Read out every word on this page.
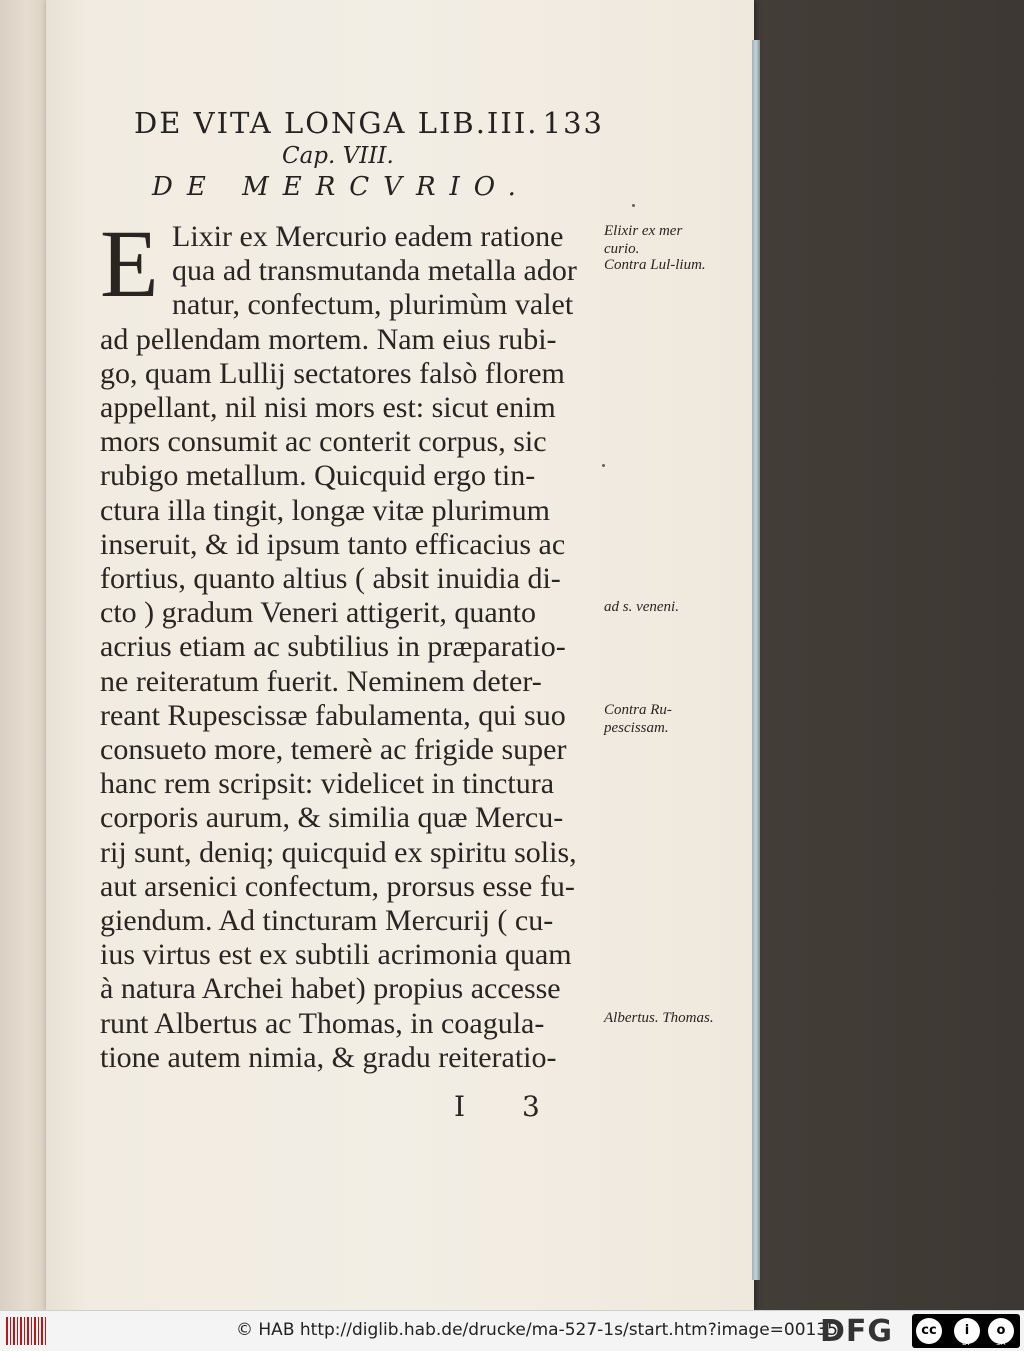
DE VITA LONGA LIB.III. 133
Cap. VIII.
DE MERCVRIO.
E Lixir ex Mercurio eadem ratione
qua ad transmutanda metalla ador
natur, confectum, plurimùm valet
ad pellendam mortem. Nam eius rubi-
go, quam Lullij sectatores falsò florem
appellant, nil nisi mors est: sicut enim
mors consumit ac conterit corpus, sic
rubigo metallum. Quicquid ergo tin-
ctura illa tingit, longæ vitæ plurimum
inseruit, & id ipsum tanto efficacius ac
fortius, quanto altius ( absit inuidia di-
cto ) gradum Veneri attigerit, quanto
acrius etiam ac subtilius in præparatio-
ne reiteratum fuerit. Neminem deter-
reant Rupescissæ fabulamenta, qui suo
consueto more, temerè ac frigide super
hanc rem scripsit: videlicet in tinctura
corporis aurum, & similia quæ Mercu-
rij sunt, deniq; quicquid ex spiritu solis,
aut arsenici confectum, prorsus esse fu-
giendum. Ad tincturam Mercurij ( cu-
ius virtus est ex subtili acrimonia quam
à natura Archei habet) propius accesse
runt Albertus ac Thomas, in coagula-
tione autem nimia, & gradu reiteratio-
Elixir ex mer curio.
Contra Lul-lium.
ad s. veneni.
Contra Ru-pescissam.
Albertus. Thomas.
I 3
© HAB http://diglib.hab.de/drucke/ma-527-1s/start.htm?image=00135
DFG	cc	i	o
BY	SA
